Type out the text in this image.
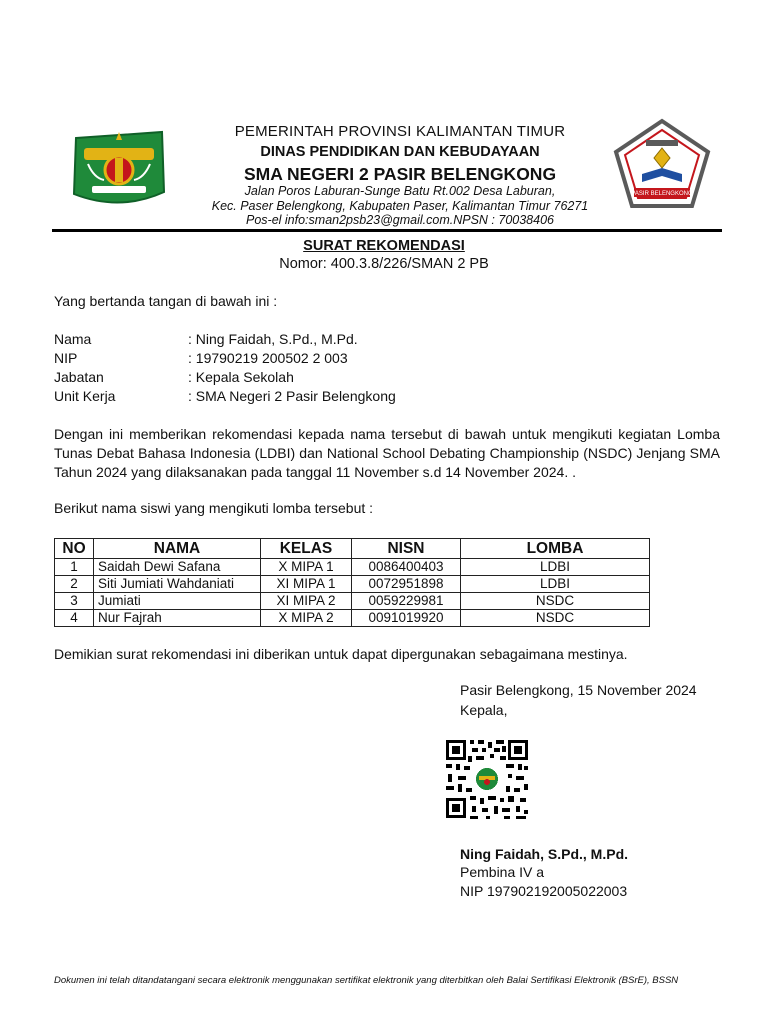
PEMERINTAH PROVINSI KALIMANTAN TIMUR
DINAS PENDIDIKAN DAN KEBUDAYAAN
SMA NEGERI 2 PASIR BELENGKONG
Jalan Poros Laburan-Sunge Batu Rt.002 Desa Laburan,
Kec. Paser Belengkong, Kabupaten Paser, Kalimantan Timur 76271
Pos-el info:sman2psb23@gmail.com.NPSN : 70038406
PASIR BELENGKONG
SURAT REKOMENDASI
Nomor: 400.3.8/226/SMAN 2 PB
Yang bertanda tangan di bawah ini :
Nama	: Ning Faidah, S.Pd., M.Pd.
NIP	: 19790219 200502 2 003
Jabatan	: Kepala Sekolah
Unit Kerja	: SMA Negeri 2 Pasir Belengkong
Dengan ini memberikan rekomendasi kepada nama tersebut di bawah untuk mengikuti kegiatan Lomba Tunas Debat Bahasa Indonesia (LDBI) dan National School Debating Championship (NSDC) Jenjang SMA Tahun 2024 yang dilaksanakan pada tanggal 11 November s.d 14 November 2024. .
Berikut nama siswi yang mengikuti lomba tersebut :
NO	NAMA	KELAS	NISN	LOMBA
1	Saidah Dewi Safana	X MIPA 1	0086400403	LDBI
2	Siti Jumiati Wahdaniati	XI MIPA 1	0072951898	LDBI
3	Jumiati	XI MIPA 2	0059229981	NSDC
4	Nur Fajrah	X MIPA 2	0091019920	NSDC
Demikian surat rekomendasi ini diberikan untuk dapat dipergunakan sebagaimana mestinya.
Pasir Belengkong, 15 November 2024
Kepala,
Ning Faidah, S.Pd., M.Pd.
Pembina IV a
NIP 197902192005022003
Dokumen ini telah ditandatangani secara elektronik menggunakan sertifikat elektronik yang diterbitkan oleh Balai Sertifikasi Elektronik (BSrE), BSSN
